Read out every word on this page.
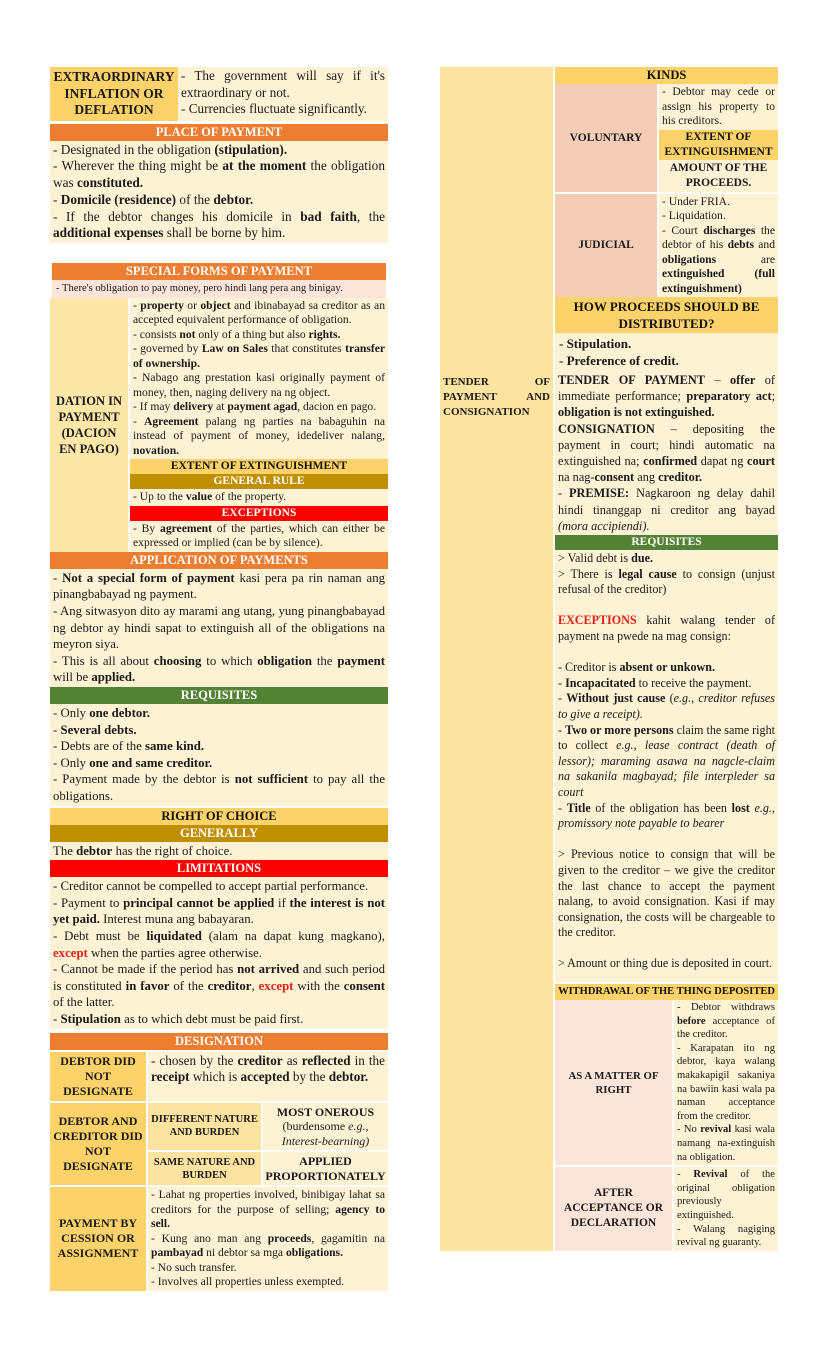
EXTRAORDINARY INFLATION OR DEFLATION
- The government will say if it's extraordinary or not.
- Currencies fluctuate significantly.
PLACE OF PAYMENT
- Designated in the obligation (stipulation).
- Wherever the thing might be at the moment the obligation was constituted.
- Domicile (residence) of the debtor.
- If the debtor changes his domicile in bad faith, the additional expenses shall be borne by him.
SPECIAL FORMS OF PAYMENT
- There's obligation to pay money, pero hindi lang pera ang binigay.
DATION IN PAYMENT (DACION EN PAGO)
- property or object and ibinabayad sa creditor as an accepted equivalent performance of obligation.
- consists not only of a thing but also rights.
- governed by Law on Sales that constitutes transfer of ownership.
- Nabago ang prestation kasi originally payment of money, then, naging delivery na ng object.
- If may delivery at payment agad, dacion en pago.
- Agreement palang ng parties na babaguhin na instead of payment of money, idedeliver nalang, novation.
EXTENT OF EXTINGUISHMENT
GENERAL RULE
- Up to the value of the property.
EXCEPTIONS
- By agreement of the parties, which can either be expressed or implied (can be by silence).
APPLICATION OF PAYMENTS
- Not a special form of payment kasi pera pa rin naman ang pinangbabayad ng payment.
- Ang sitwasyon dito ay marami ang utang, yung pinangbabayad ng debtor ay hindi sapat to extinguish all of the obligations na meyron siya.
- This is all about choosing to which obligation the payment will be applied.
REQUISITES
- Only one debtor.
- Several debts.
- Debts are of the same kind.
- Only one and same creditor.
- Payment made by the debtor is not sufficient to pay all the obligations.
RIGHT OF CHOICE
GENERALLY
The debtor has the right of choice.
LIMITATIONS
- Creditor cannot be compelled to accept partial performance.
- Payment to principal cannot be applied if the interest is not yet paid. Interest muna ang babayaran.
- Debt must be liquidated (alam na dapat kung magkano), except when the parties agree otherwise.
- Cannot be made if the period has not arrived and such period is constituted in favor of the creditor, except with the consent of the latter.
- Stipulation as to which debt must be paid first.
DESIGNATION
DEBTOR DID NOT DESIGNATE
- chosen by the creditor as reflected in the receipt which is accepted by the debtor.
DEBTOR AND CREDITOR DID NOT DESIGNATE
DIFFERENT NATURE AND BURDEN
MOST ONEROUS
(burdensome e.g., Interest-bearning)
SAME NATURE AND BURDEN
APPLIED PROPORTIONATELY
PAYMENT BY CESSION OR ASSIGNMENT
- Lahat ng properties involved, binibigay lahat sa creditors for the purpose of selling; agency to sell.
- Kung ano man ang proceeds, gagamitin na pambayad ni debtor sa mga obligations.
- No such transfer.
- Involves all properties unless exempted.
KINDS
VOLUNTARY
- Debtor may cede or assign his property to his creditors.
EXTENT OF EXTINGUISHMENT
AMOUNT OF THE PROCEEDS.
JUDICIAL
- Under FRIA.
- Liquidation.
- Court discharges the debtor of his debts and obligations are extinguished (full extinguishment)
HOW PROCEEDS SHOULD BE DISTRIBUTED?
- Stipulation.
- Preference of credit.
TENDER OF PAYMENT AND CONSIGNATION
TENDER OF PAYMENT – offer of immediate performance; preparatory act; obligation is not extinguished.
CONSIGNATION – depositing the payment in court; hindi automatic na extinguished na; confirmed dapat ng court na nag-consent ang creditor.
- PREMISE: Nagkaroon ng delay dahil hindi tinanggap ni creditor ang bayad (mora accipiendi).
REQUISITES
> Valid debt is due.
> There is legal cause to consign (unjust refusal of the creditor)

EXCEPTIONS kahit walang tender of payment na pwede na mag consign:

- Creditor is absent or unkown.
- Incapacitated to receive the payment.
- Without just cause (e.g., creditor refuses to give a receipt).
- Two or more persons claim the same right to collect e.g., lease contract (death of lessor); maraming asawa na nagcle-claim na sakanila magbayad; file interpleder sa court
- Title of the obligation has been lost e.g., promissory note payable to bearer

> Previous notice to consign that will be given to the creditor – we give the creditor the last chance to accept the payment nalang, to avoid consignation. Kasi if may consignation, the costs will be chargeable to the creditor.

> Amount or thing due is deposited in court.
WITHDRAWAL OF THE THING DEPOSITED
AS A MATTER OF RIGHT
- Debtor withdraws before acceptance of the creditor.
- Karapatan ito ng debtor, kaya walang makakapigil sakaniya na bawiin kasi wala pa naman acceptance from the creditor.
- No revival kasi wala namang na-extinguish na obligation.
AFTER ACCEPTANCE OR DECLARATION
- Revival of the original obligation previously extinguished.
- Walang nagiging revival ng guaranty.
